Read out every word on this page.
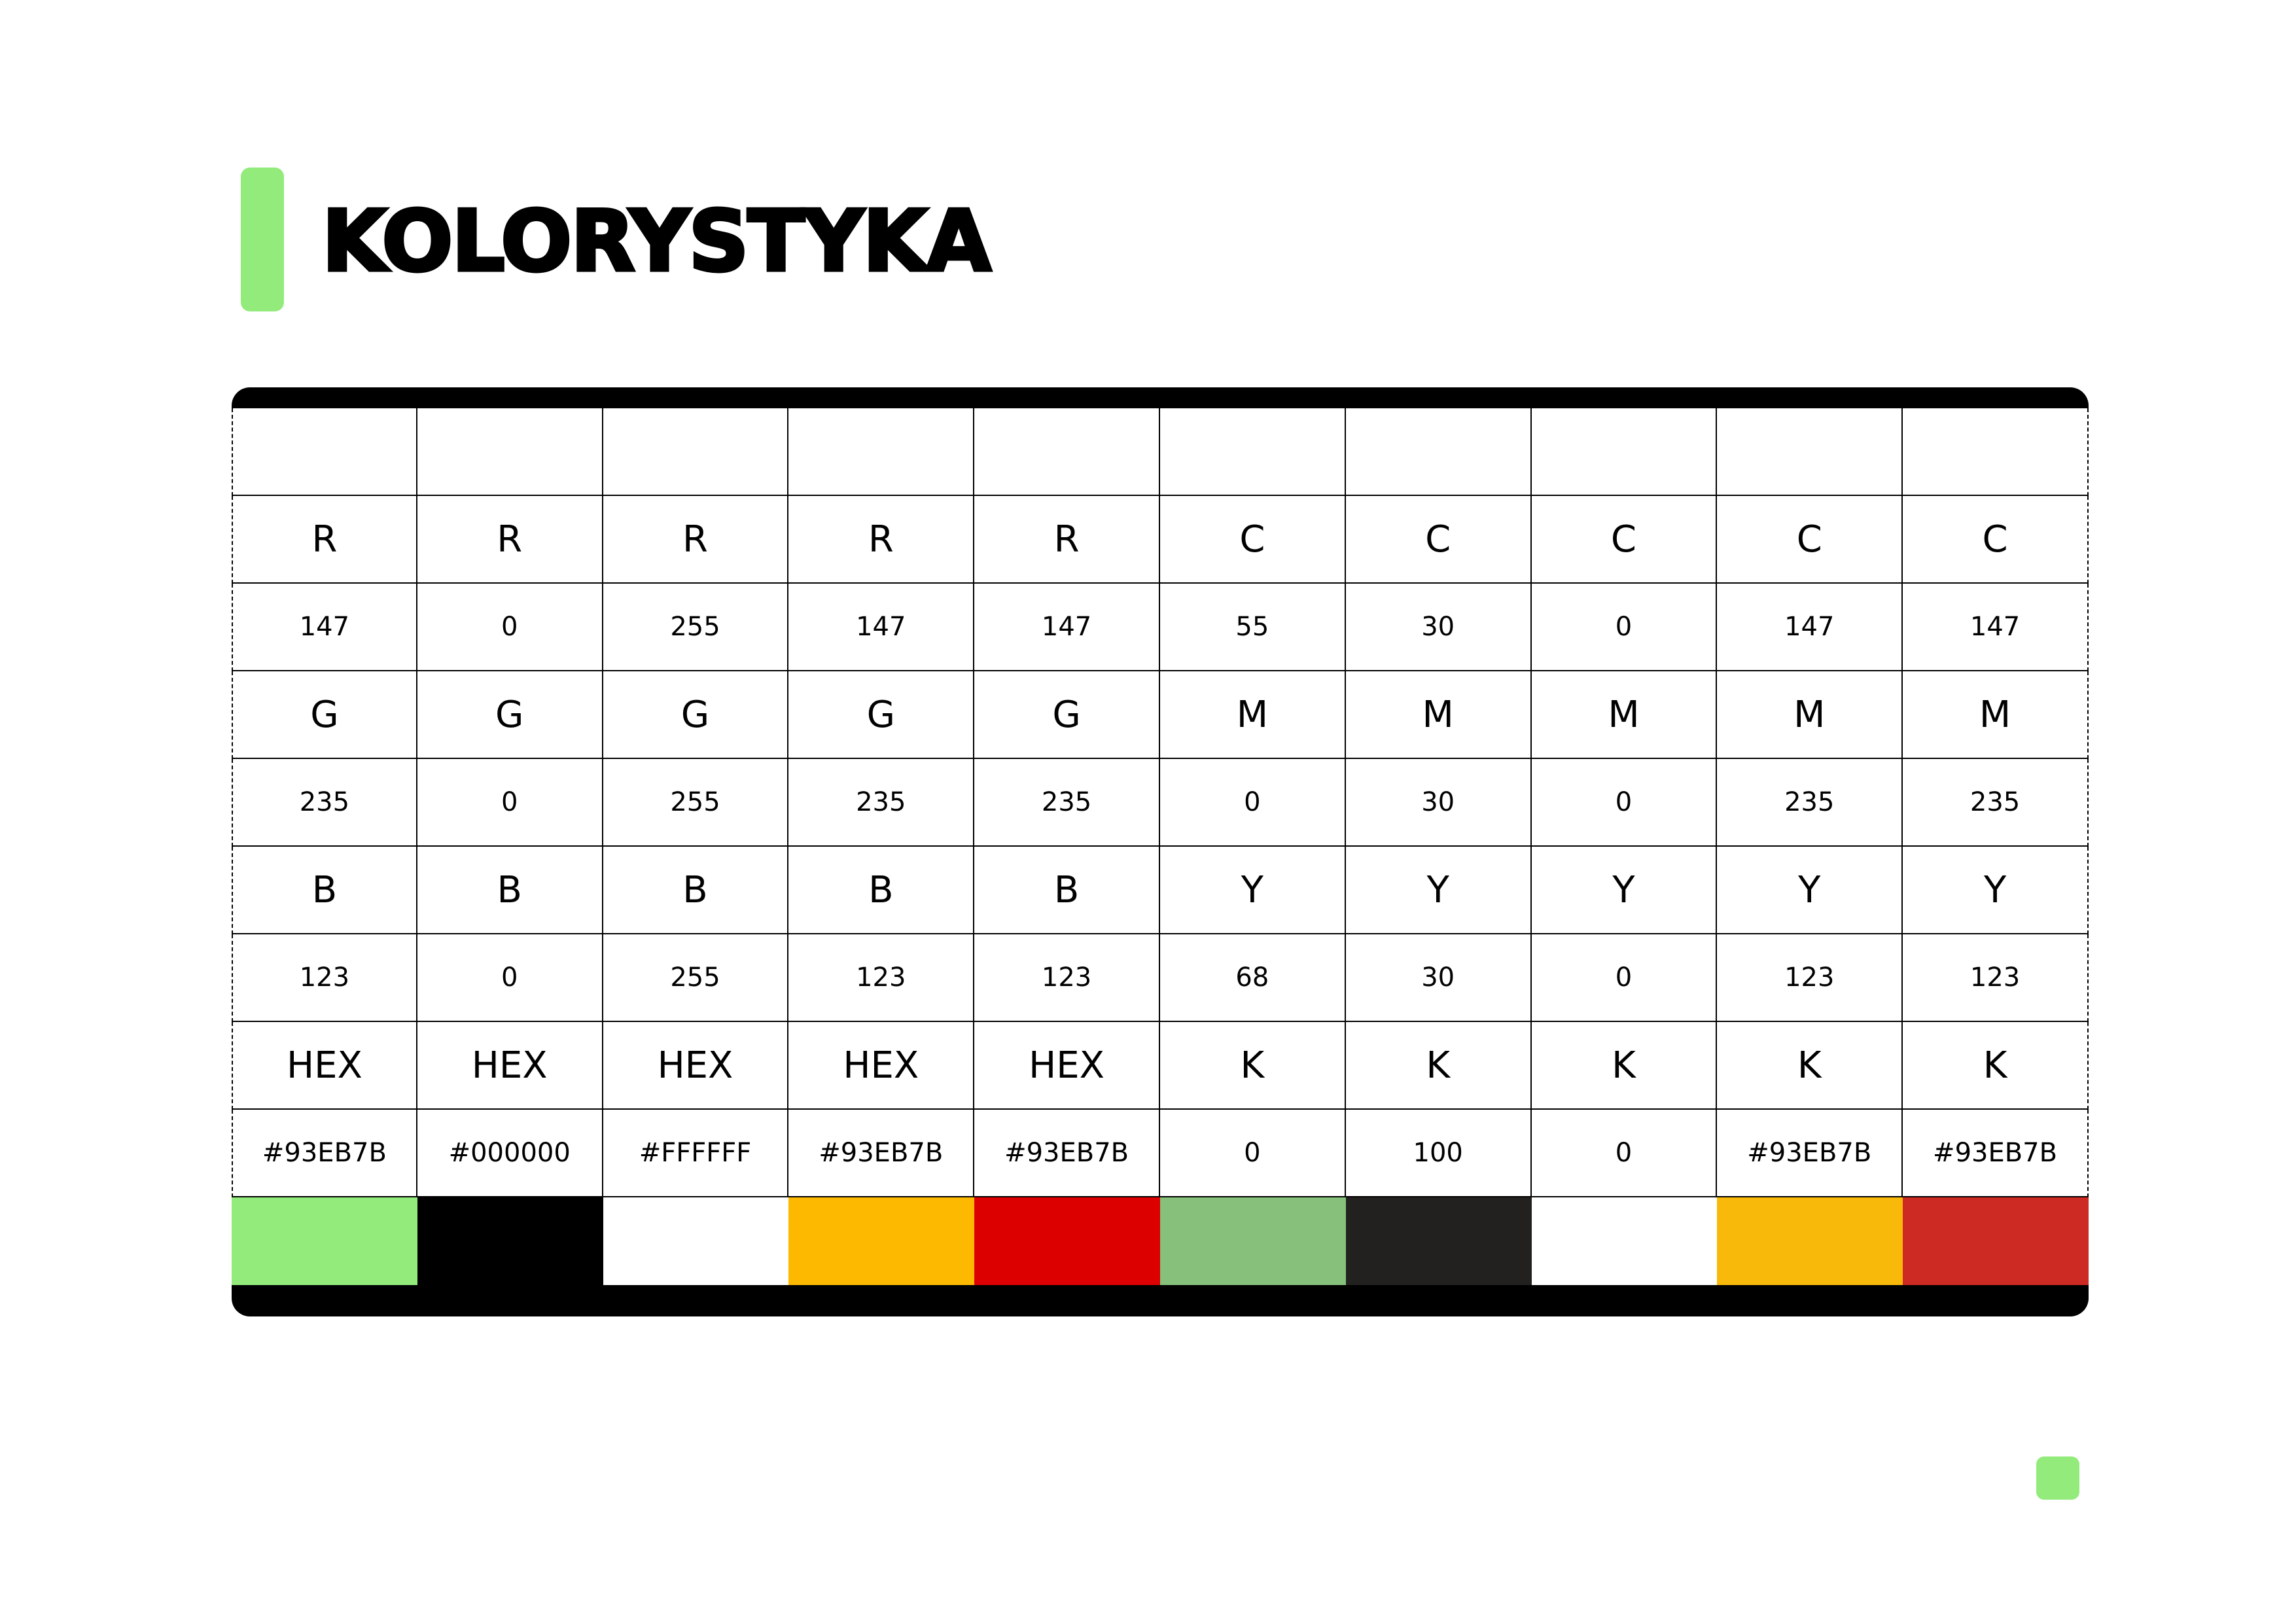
KOLORYSTYKA
R	R	R	R	R	C	C	C	C	C
147	0	255	147	147	55	30	0	147	147
G	G	G	G	G	M	M	M	M	M
235	0	255	235	235	0	30	0	235	235
B	B	B	B	B	Y	Y	Y	Y	Y
123	0	255	123	123	68	30	0	123	123
HEX	HEX	HEX	HEX	HEX	K	K	K	K	K
#93EB7B	#000000	#FFFFFF	#93EB7B	#93EB7B	0	100	0	#93EB7B	#93EB7B
